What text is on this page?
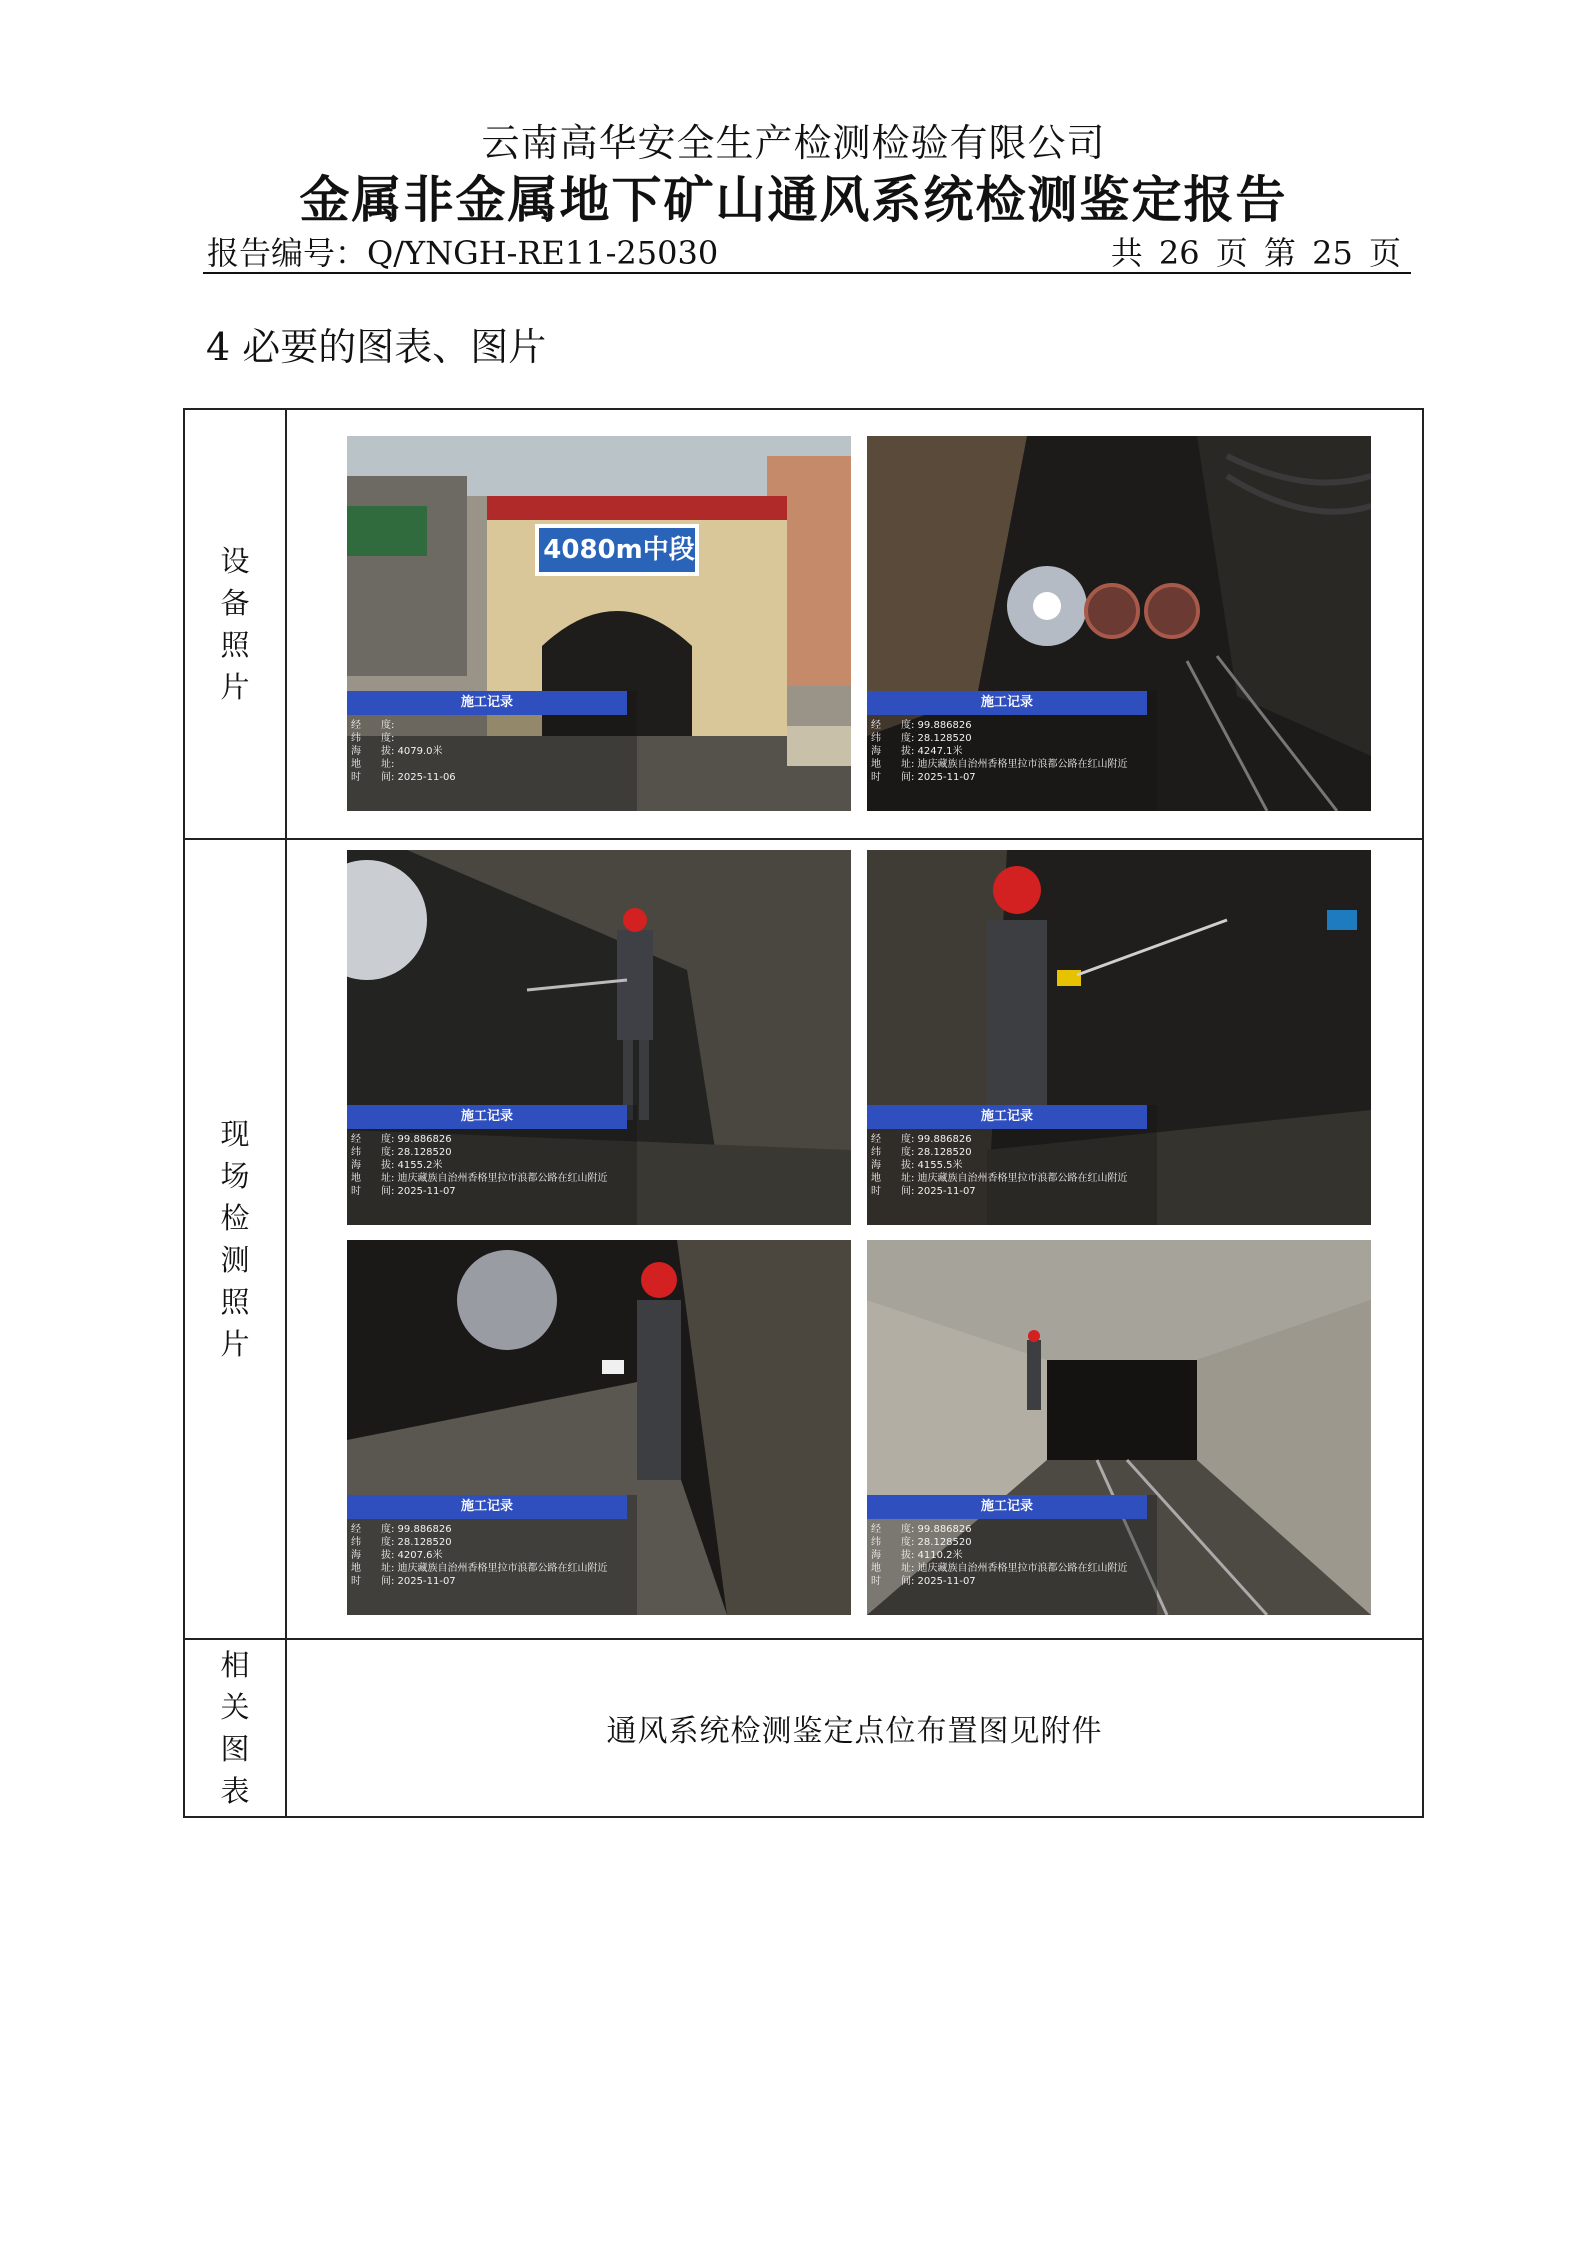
云南高华安全生产检测检验有限公司
金属非金属地下矿山通风系统检测鉴定报告
报告编号：Q/YNGH-RE11-25030	共 26 页 第 25 页
4 必要的图表、图片
设备照片
4080m中段
施工记录
经 度:
纬 度:
海 拔: 4079.0米
地 址:
时 间: 2025-11-06
施工记录
经 度: 99.886826
纬 度: 28.128520
海 拔: 4247.1米
地 址: 迪庆藏族自治州香格里拉市浪都公路在红山附近
时 间: 2025-11-07
现场检测照片
施工记录
经 度: 99.886826
纬 度: 28.128520
海 拔: 4155.2米
地 址: 迪庆藏族自治州香格里拉市浪都公路在红山附近
时 间: 2025-11-07
施工记录
经 度: 99.886826
纬 度: 28.128520
海 拔: 4155.5米
地 址: 迪庆藏族自治州香格里拉市浪都公路在红山附近
时 间: 2025-11-07
施工记录
经 度: 99.886826
纬 度: 28.128520
海 拔: 4207.6米
地 址: 迪庆藏族自治州香格里拉市浪都公路在红山附近
时 间: 2025-11-07
施工记录
经 度: 99.886826
纬 度: 28.128520
海 拔: 4110.2米
地 址: 迪庆藏族自治州香格里拉市浪都公路在红山附近
时 间: 2025-11-07
相关图表
通风系统检测鉴定点位布置图见附件
